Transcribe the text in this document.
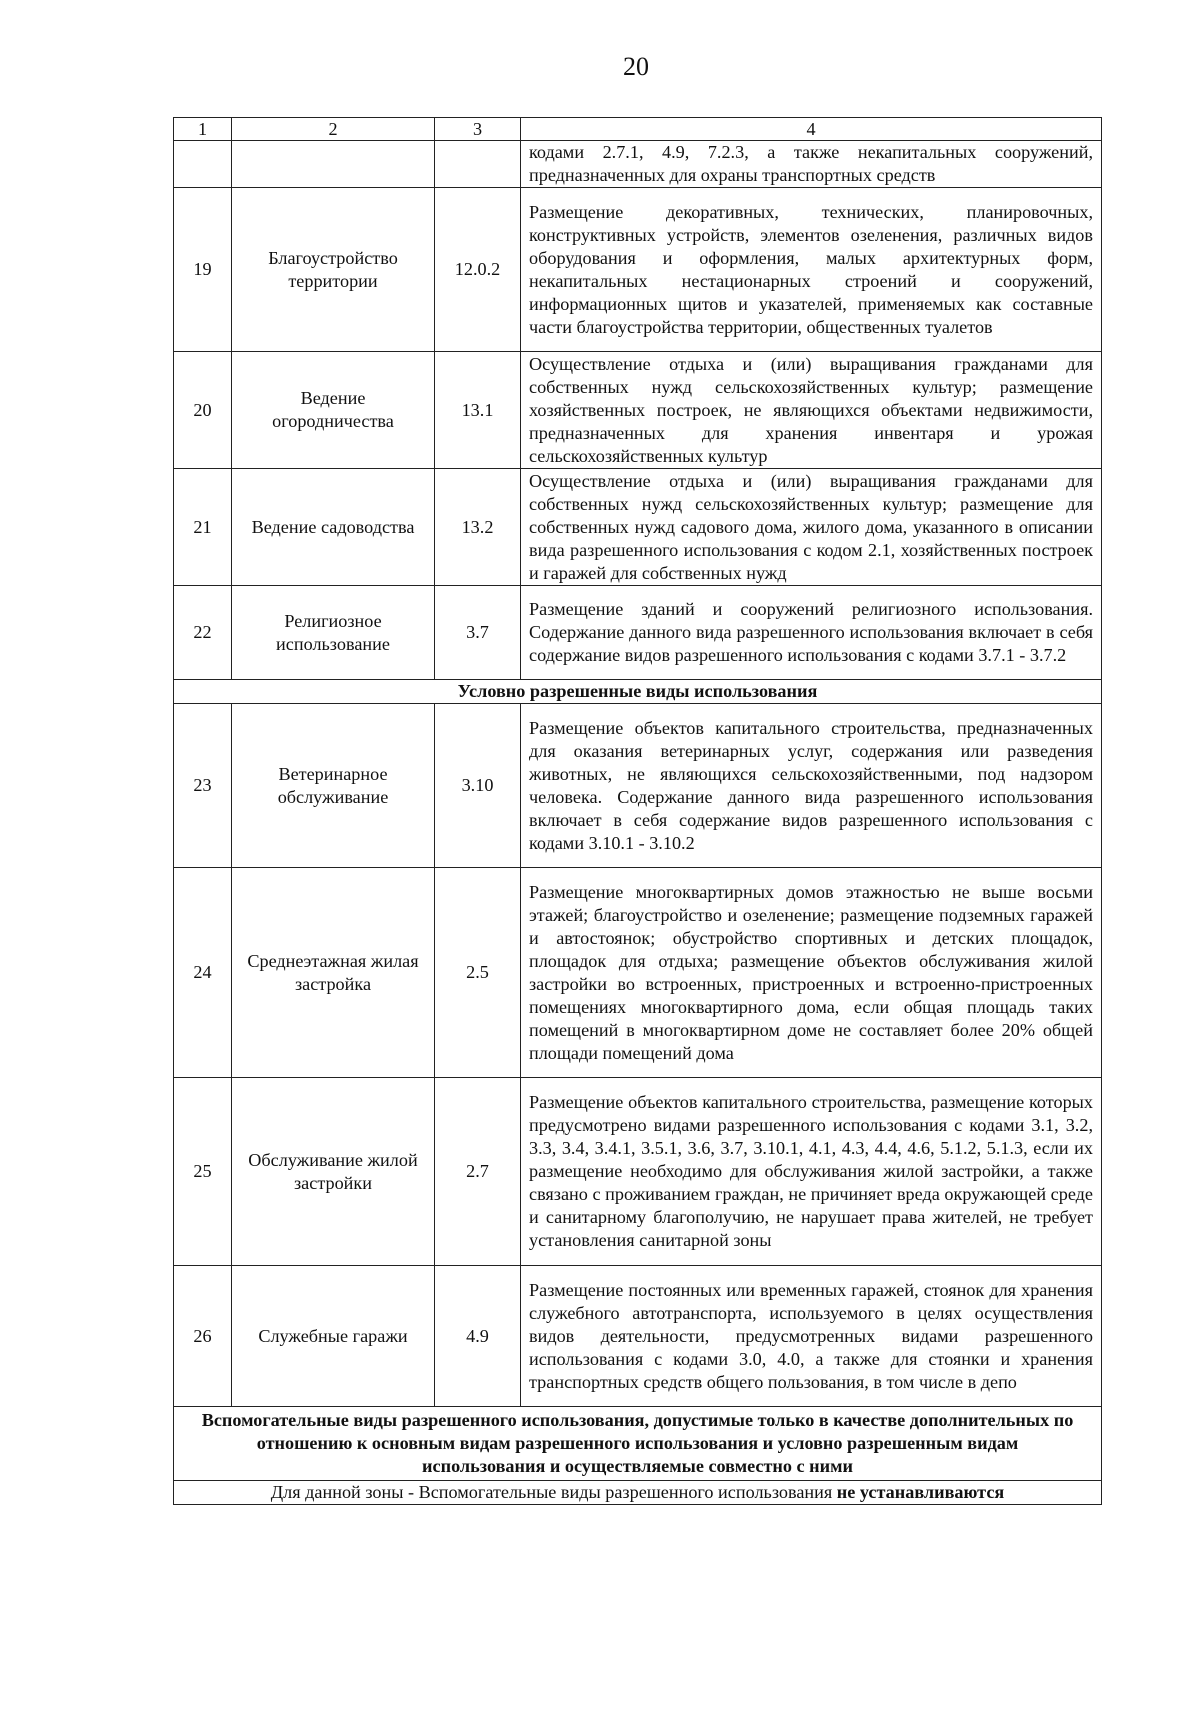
20
1	2	3	4
			кодами 2.7.1, 4.9, 7.2.3, а также некапитальных сооружений, предназначенных для охраны транспортных средств
19	Благоустройство территории	12.0.2	Размещение декоративных, технических, планировочных, конструктивных устройств, элементов озеленения, различных видов оборудования и оформления, малых архитектурных форм, некапитальных нестационарных строений и сооружений, информационных щитов и указателей, применяемых как составные части благоустройства территории, общественных туалетов
20	Ведение огородничества	13.1	Осуществление отдыха и (или) выращивания гражданами для собственных нужд сельскохозяйственных культур; размещение хозяйственных построек, не являющихся объектами недвижимости, предназначенных для хранения инвентаря и урожая сельскохозяйственных культур
21	Ведение садоводства	13.2	Осуществление отдыха и (или) выращивания гражданами для собственных нужд сельскохозяйственных культур; размещение для собственных нужд садового дома, жилого дома, указанного в описании вида разрешенного использования с кодом 2.1, хозяйственных построек и гаражей для собственных нужд
22	Религиозное использование	3.7	Размещение зданий и сооружений религиозного использования. Содержание данного вида разрешенного использования включает в себя содержание видов разрешенного использования с кодами 3.7.1 - 3.7.2
Условно разрешенные виды использования			
23	Ветеринарное обслуживание	3.10	Размещение объектов капитального строительства, предназначенных для оказания ветеринарных услуг, содержания или разведения животных, не являющихся сельскохозяйственными, под надзором человека. Содержание данного вида разрешенного использования включает в себя содержание видов разрешенного использования с кодами 3.10.1 - 3.10.2
24	Среднеэтажная жилая застройка	2.5	Размещение многоквартирных домов этажностью не выше восьми этажей; благоустройство и озеленение; размещение подземных гаражей и автостоянок; обустройство спортивных и детских площадок, площадок для отдыха; размещение объектов обслуживания жилой застройки во встроенных, пристроенных и встроенно-пристроенных помещениях многоквартирного дома, если общая площадь таких помещений в многоквартирном доме не составляет более 20% общей площади помещений дома
25	Обслуживание жилой застройки	2.7	Размещение объектов капитального строительства, размещение которых предусмотрено видами разрешенного использования с кодами 3.1, 3.2, 3.3, 3.4, 3.4.1, 3.5.1, 3.6, 3.7, 3.10.1, 4.1, 4.3, 4.4, 4.6, 5.1.2, 5.1.3, если их размещение необходимо для обслуживания жилой застройки, а также связано с проживанием граждан, не причиняет вреда окружающей среде и санитарному благополучию, не нарушает права жителей, не требует установления санитарной зоны
26	Служебные гаражи	4.9	Размещение постоянных или временных гаражей, стоянок для хранения служебного автотранспорта, используемого в целях осуществления видов деятельности, предусмотренных видами разрешенного использования с кодами 3.0, 4.0, а также для стоянки и хранения транспортных средств общего пользования, в том числе в депо
Вспомогательные виды разрешенного использования, допустимые только в качестве дополнительных по отношению к основным видам разрешенного использования и условно разрешенным видам использования и осуществляемые совместно с ними			
Для данной зоны - Вспомогательные виды разрешенного использования не устанавливаются			
